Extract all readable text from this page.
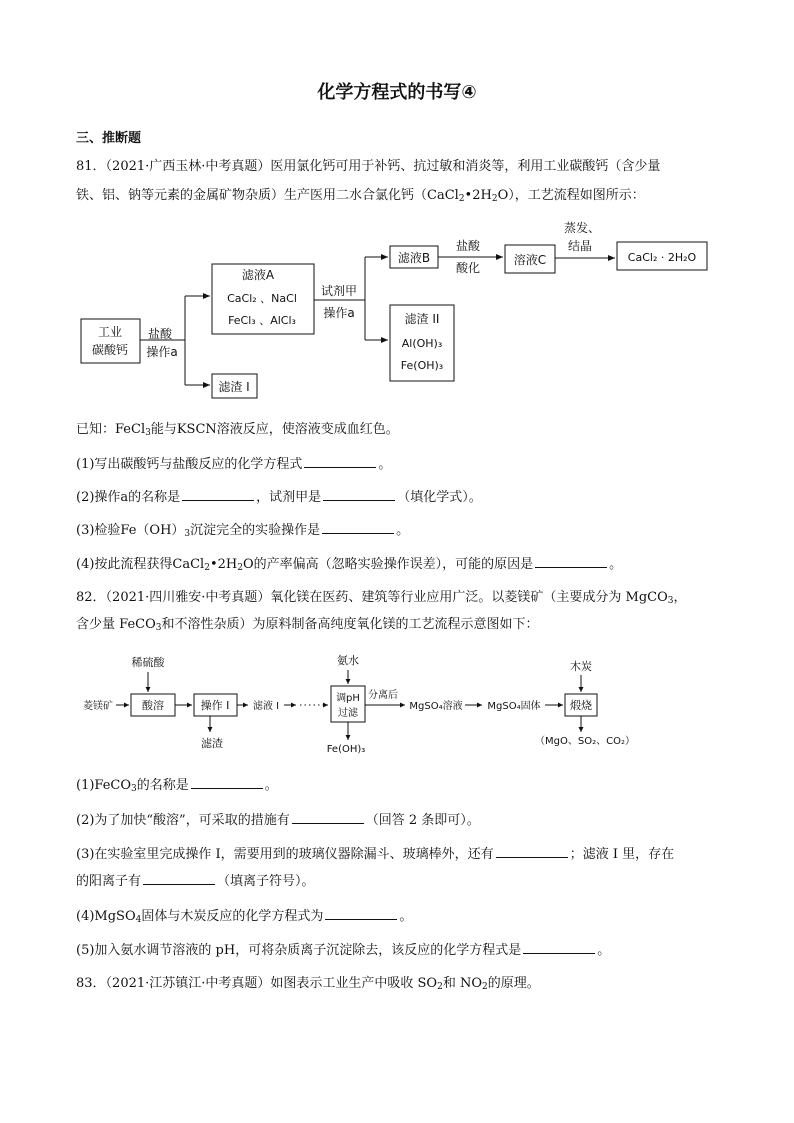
化学方程式的书写④
三、推断题
81．（2021·广西玉林·中考真题）医用氯化钙可用于补钙、抗过敏和消炎等，利用工业碳酸钙（含少量
铁、铝、钠等元素的金属矿物杂质）生产医用二水合氯化钙$(CaCl_2•2H_2O)$，工艺流程如图所示：
工业
碳酸钙
盐酸
操作a
滤液A
CaCl₂ 、NaCl
FeCl₃ 、AlCl₃
滤渣 I
试剂甲
操作a
滤液B
盐酸
酸化
溶液C
蒸发、
结晶
CaCl₂ · 2H₂O
滤渣 II
Al(OH)₃
Fe(OH)₃
稀硫酸
菱镁矿	酸溶	操作 I 滤液 I
滤渣
氨水
调pH
过滤
分离后
Fe(OH)₃
MgSO₄溶液 MgSO₄固体
木炭
煅烧
（MgO、SO₂、CO₂）
已知：FeCl$_3$能与KSCN溶液反应，使溶液变成血红色。
(1)写出碳酸钙与盐酸反应的化学方程式	。
(2)操作a的名称是	，试剂甲是	（填化学式）。
(3)检验$Fe(OH)_3$沉淀完全的实验操作是	。
(4)按此流程获得$CaCl_2•2H_2O$的产率偏高（忽略实验操作误差），可能的原因是	。
82．（2021·四川雅安·中考真题）氧化镁在医药、建筑等行业应用广泛。以菱镁矿（主要成分为 MgCO$_3$，
含少量 FeCO$_3$和不溶性杂质）为原料制备高纯度氧化镁的工艺流程示意图如下：
(1)FeCO$_3$的名称是	。
(2)为了加快“酸溶”，可采取的措施有	（回答 2 条即可）。
(3)在实验室里完成操作 I，需要用到的玻璃仪器除漏斗、玻璃棒外，还有	；滤液 I 里，存在
的阳离子有	（填离子符号）。
(4)MgSO$_4$固体与木炭反应的化学方程式为	。
(5)加入氨水调节溶液的 pH，可将杂质离子沉淀除去，该反应的化学方程式是	。
83．（2021·江苏镇江·中考真题）如图表示工业生产中吸收 $SO_2$和 $NO_2$的原理。
